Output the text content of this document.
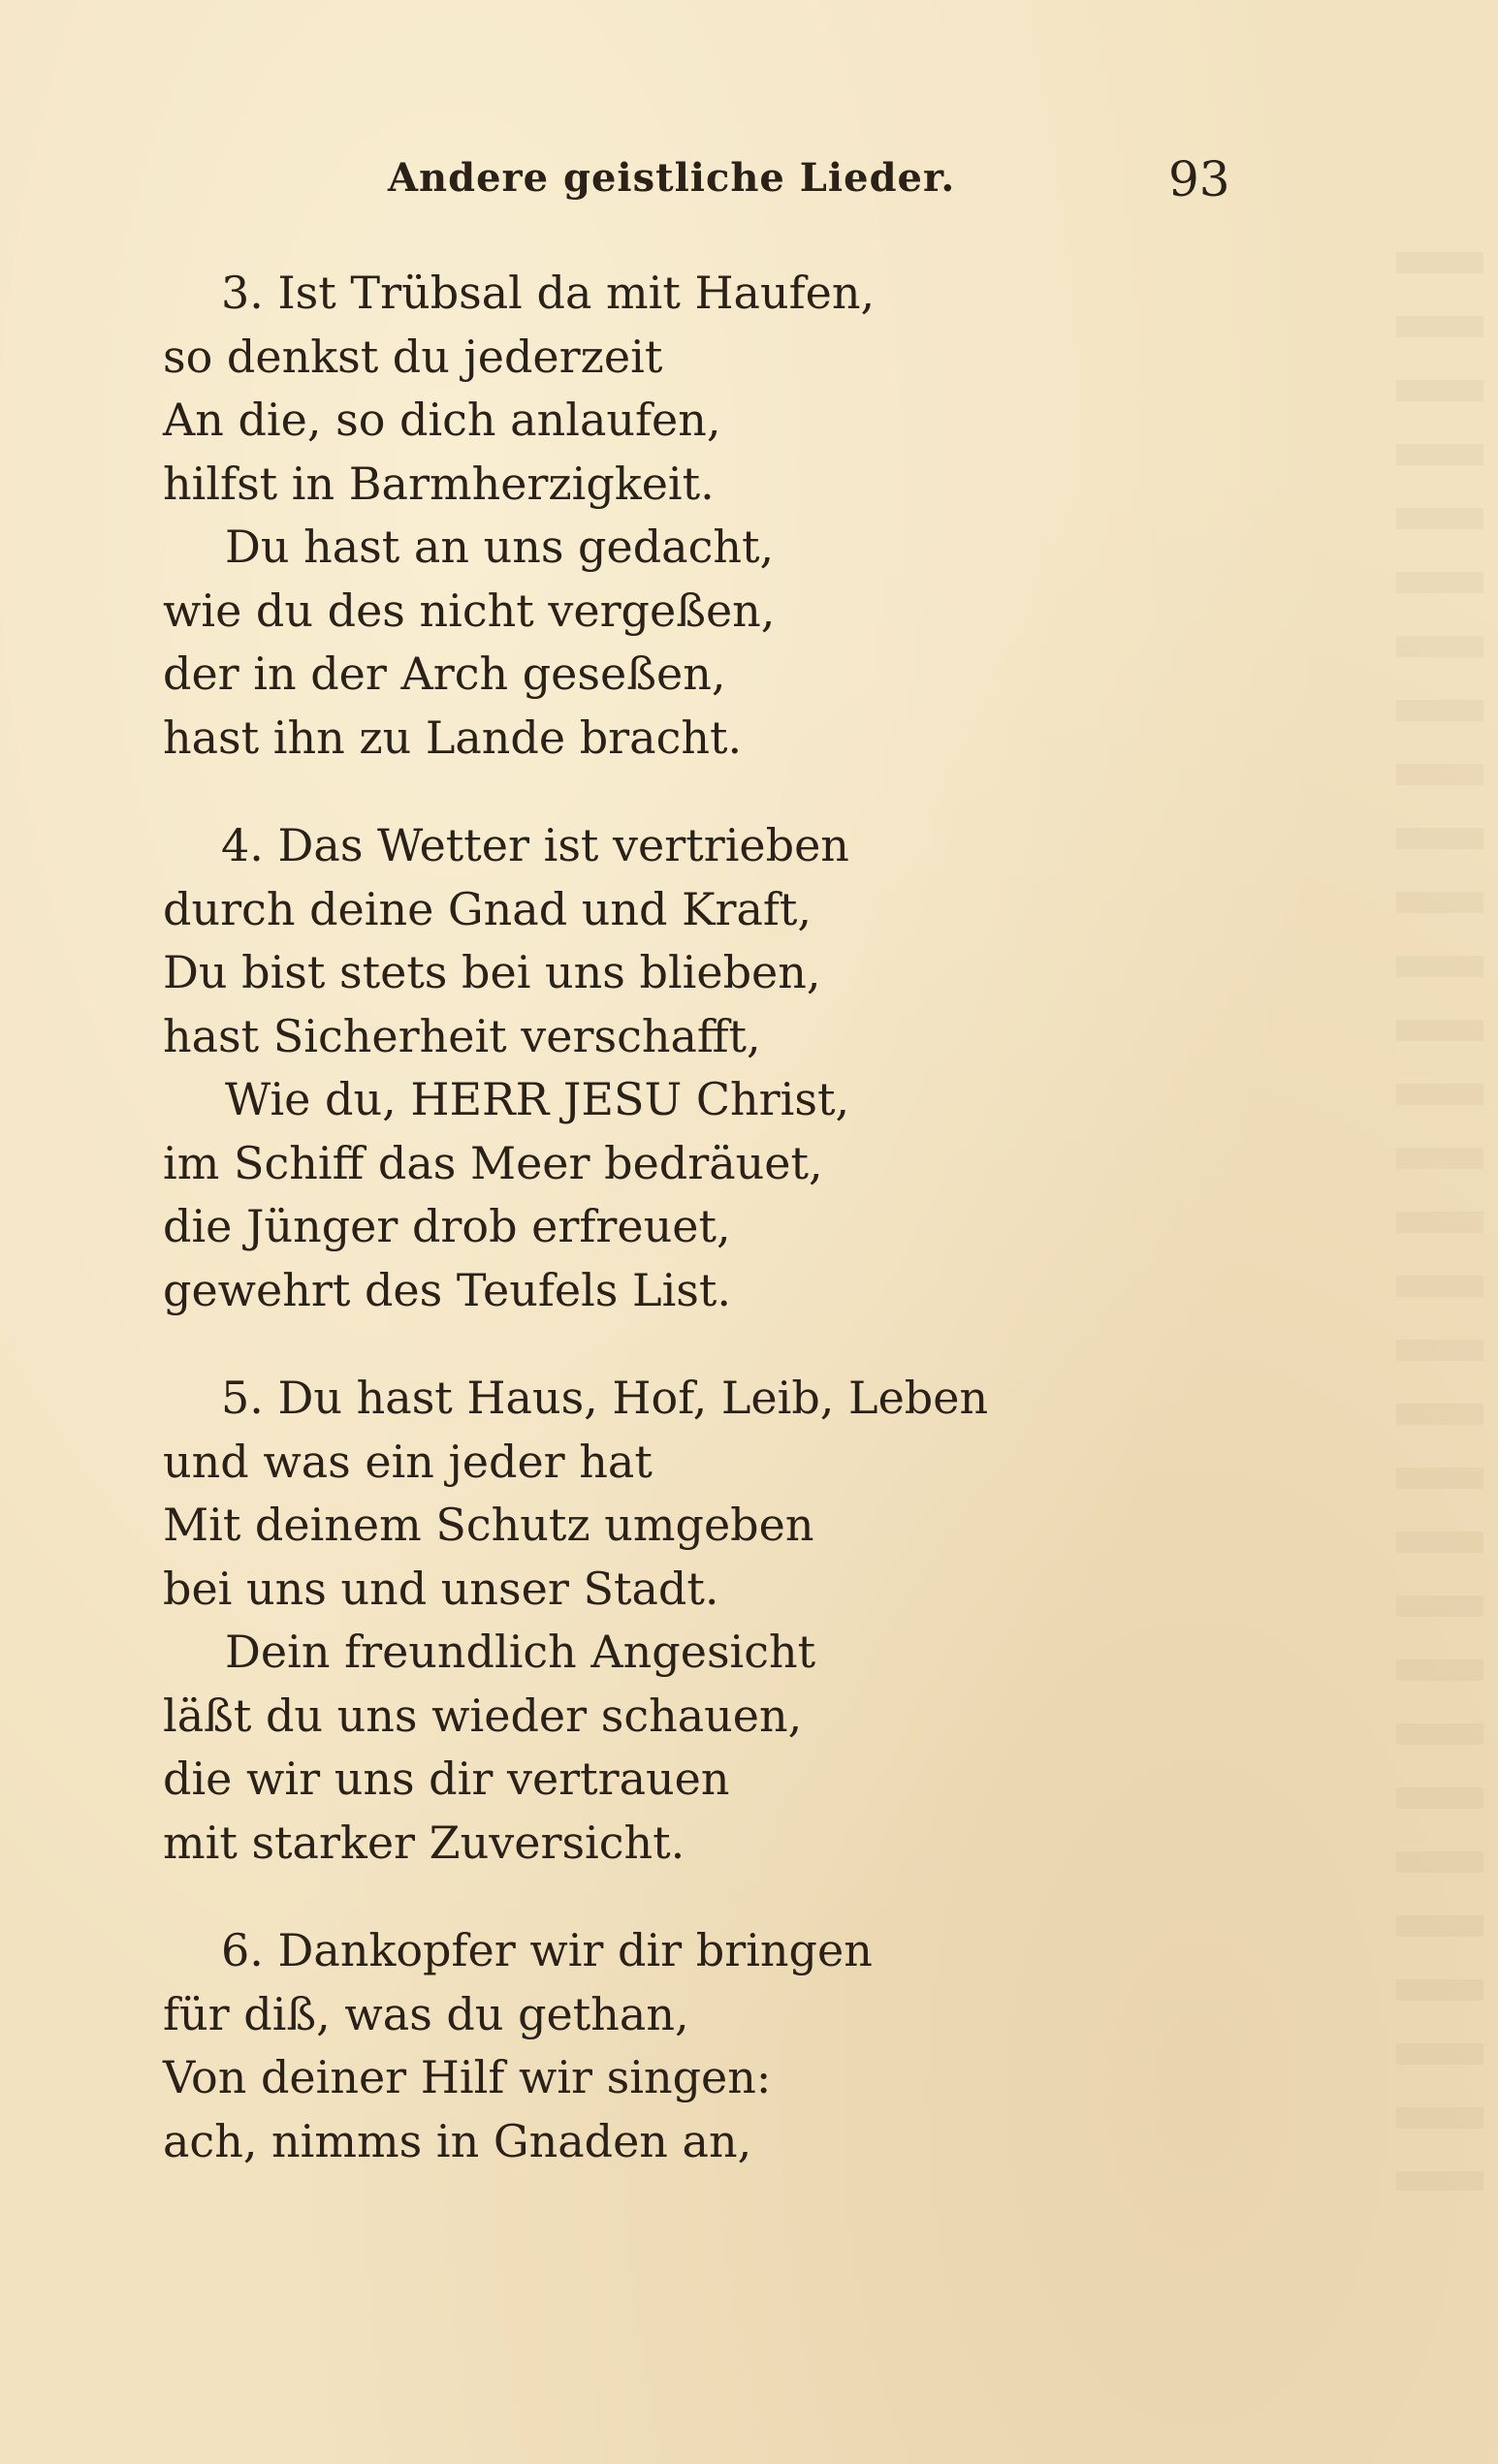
Andere geistliche Lieder.	93
3. Ist Trübsal da mit Haufen,
so denkst du jederzeit
An die, so dich anlaufen,
hilfst in Barmherzigkeit.
Du hast an uns gedacht,
wie du des nicht vergeßen,
der in der Arch geseßen,
hast ihn zu Lande bracht.
4. Das Wetter ist vertrieben
durch deine Gnad und Kraft,
Du bist stets bei uns blieben,
hast Sicherheit verschafft,
Wie du, HERR JESU Christ,
im Schiff das Meer bedräuet,
die Jünger drob erfreuet,
gewehrt des Teufels List.
5. Du hast Haus, Hof, Leib, Leben
und was ein jeder hat
Mit deinem Schutz umgeben
bei uns und unser Stadt.
Dein freundlich Angesicht
läßt du uns wieder schauen,
die wir uns dir vertrauen
mit starker Zuversicht.
6. Dankopfer wir dir bringen
für diß, was du gethan,
Von deiner Hilf wir singen:
ach, nimms in Gnaden an,
